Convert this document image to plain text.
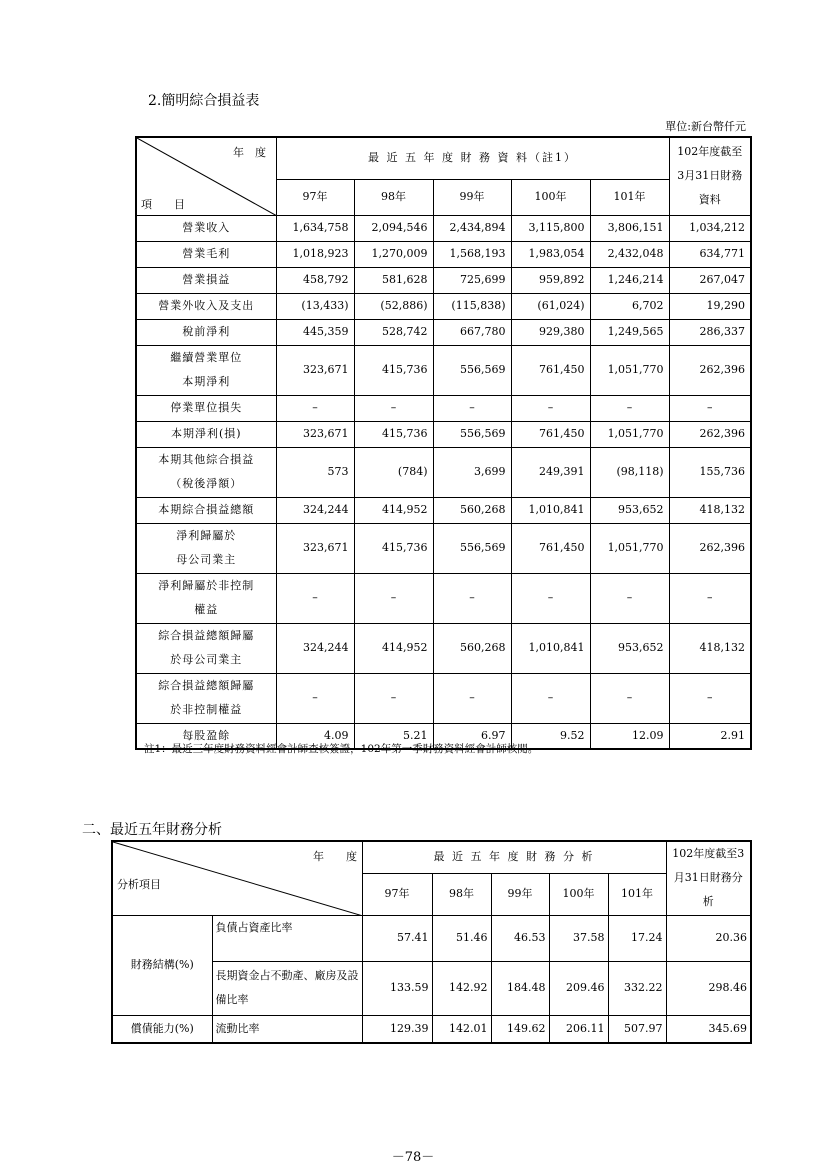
2.簡明綜合損益表
單位:新台幣仟元
年　度
項　　目	最 近 五 年 度 財 務 資 料（註1）					102年度截至3月31日財務資料
	97年	98年	99年	100年	101年	
營業收入	1,634,758	2,094,546	2,434,894	3,115,800	3,806,151	1,034,212
營業毛利	1,018,923	1,270,009	1,568,193	1,983,054	2,432,048	634,771
營業損益	458,792	581,628	725,699	959,892	1,246,214	267,047
營業外收入及支出	(13,433)	(52,886)	(115,838)	(61,024)	6,702	19,290
稅前淨利	445,359	528,742	667,780	929,380	1,249,565	286,337
繼續營業單位
本期淨利	323,671	415,736	556,569	761,450	1,051,770	262,396
停業單位損失	–	–	–	–	–	–
本期淨利(損)	323,671	415,736	556,569	761,450	1,051,770	262,396
本期其他綜合損益
（稅後淨額）	573	(784)	3,699	249,391	(98,118)	155,736
本期綜合損益總額	324,244	414,952	560,268	1,010,841	953,652	418,132
淨利歸屬於
母公司業主	323,671	415,736	556,569	761,450	1,051,770	262,396
淨利歸屬於非控制
權益	–	–	–	–	–	–
綜合損益總額歸屬
於母公司業主	324,244	414,952	560,268	1,010,841	953,652	418,132
綜合損益總額歸屬
於非控制權益	–	–	–	–	–	–
每股盈餘	4.09	5.21	6.97	9.52	12.09	2.91
註1：最近三年度財務資料經會計師查核簽證，102年第一季財務資料經會計師核閱。
二、最近五年財務分析
年　　度
分析項目		最 近 五 年 度 財 務 分 析					102年度截至3月31日財務分析
		97年	98年	99年	100年	101年	
財務結構(%)	負債占資產比率	57.41	51.46	46.53	37.58	17.24	20.36
	長期資金占不動產、廠房及設備比率	133.59	142.92	184.48	209.46	332.22	298.46
償債能力(%)	流動比率	129.39	142.01	149.62	206.11	507.97	345.69
－78－
